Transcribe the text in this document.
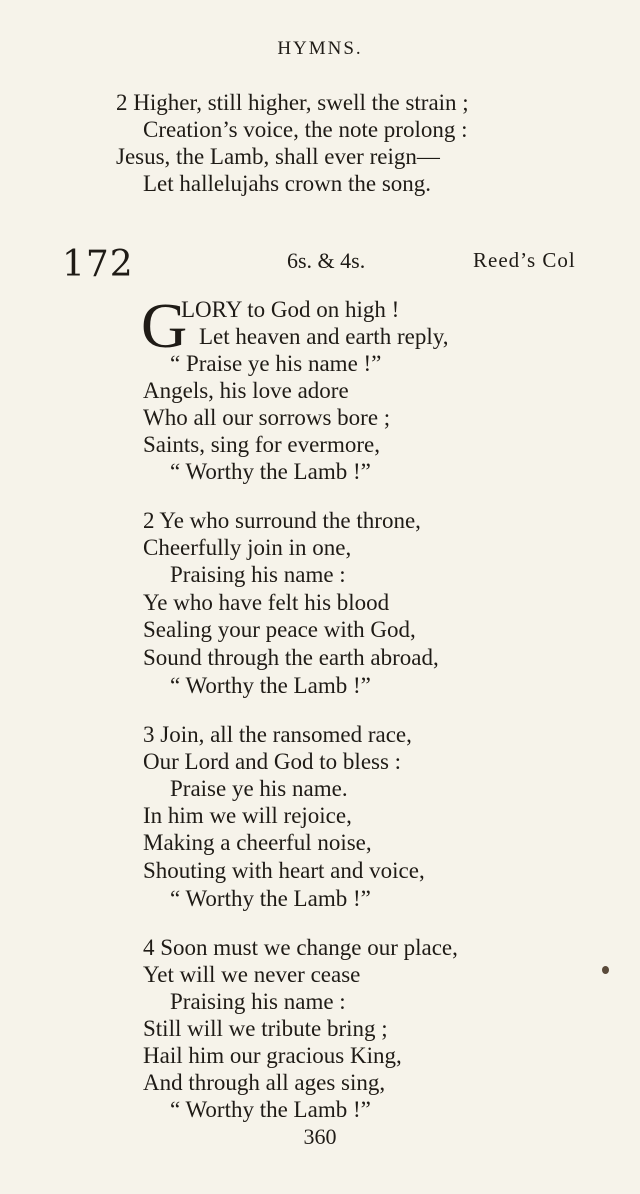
HYMNS.
2 Higher, still higher, swell the strain ;
Creation’s voice, the note prolong :
Jesus, the Lamb, shall ever reign—
Let hallelujahs crown the song.
172	6s. & 4s.	Reed’s Col
G
LORY to God on high !
Let heaven and earth reply,
“ Praise ye his name !”
Angels, his love adore
Who all our sorrows bore ;
Saints, sing for evermore,
“ Worthy the Lamb !”
2 Ye who surround the throne,
Cheerfully join in one,
Praising his name :
Ye who have felt his blood
Sealing your peace with God,
Sound through the earth abroad,
“ Worthy the Lamb !”
3 Join, all the ransomed race,
Our Lord and God to bless :
Praise ye his name.
In him we will rejoice,
Making a cheerful noise,
Shouting with heart and voice,
“ Worthy the Lamb !”
4 Soon must we change our place,
Yet will we never cease
Praising his name :
Still will we tribute bring ;
Hail him our gracious King,
And through all ages sing,
“ Worthy the Lamb !”
360
